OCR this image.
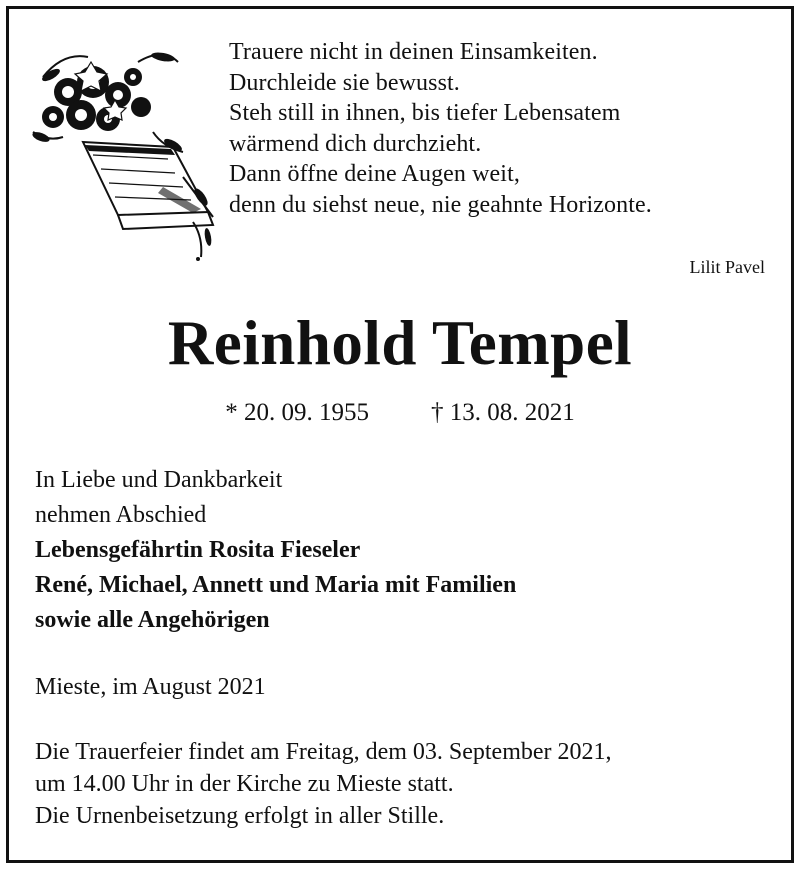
Trauere nicht in deinen Einsamkeiten.
Durchleide sie bewusst.
Steh still in ihnen, bis tiefer Lebensatem
wärmend dich durchzieht.
Dann öffne deine Augen weit,
denn du siehst neue, nie geahnte Horizonte.
Lilit Pavel
Reinhold Tempel
* 20. 09. 1955 † 13. 08. 2021
In Liebe und Dankbarkeit
nehmen Abschied
Lebensgefährtin Rosita Fieseler
René, Michael, Annett und Maria mit Familien
sowie alle Angehörigen
Mieste, im August 2021
Die Trauerfeier findet am Freitag, dem 03. September 2021,
um 14.00 Uhr in der Kirche zu Mieste statt.
Die Urnenbeisetzung erfolgt in aller Stille.
